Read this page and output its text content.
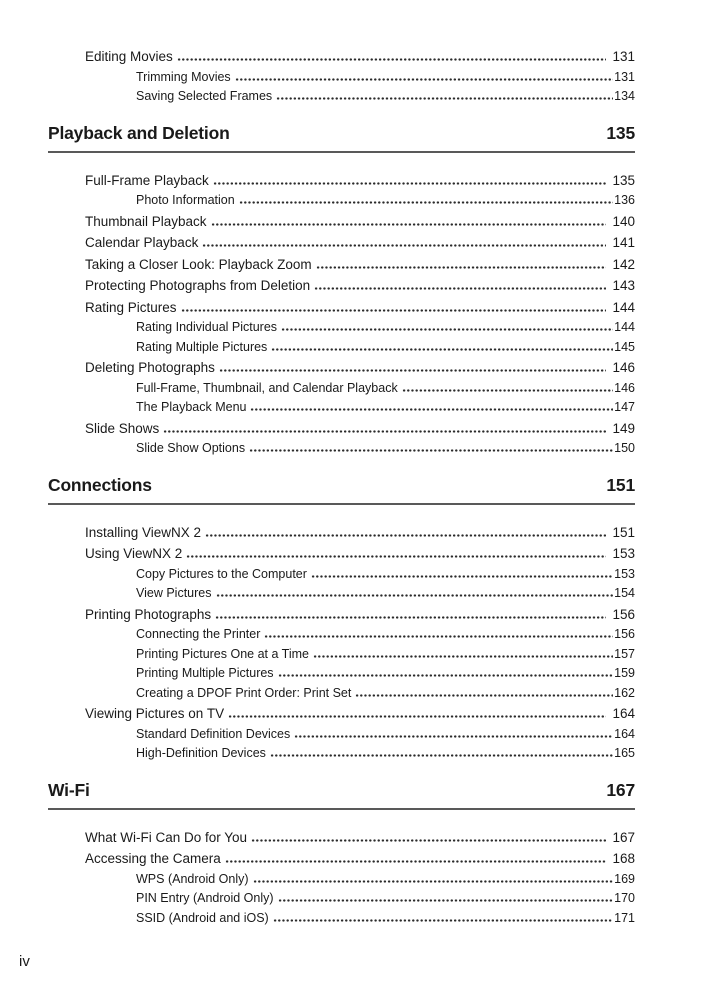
Editing Movies	131
Trimming Movies	131
Saving Selected Frames	134
Playback and Deletion	135
Full-Frame Playback	135
Photo Information	136
Thumbnail Playback	140
Calendar Playback	141
Taking a Closer Look: Playback Zoom	142
Protecting Photographs from Deletion	143
Rating Pictures	144
Rating Individual Pictures	144
Rating Multiple Pictures	145
Deleting Photographs	146
Full-Frame, Thumbnail, and Calendar Playback	146
The Playback Menu	147
Slide Shows	149
Slide Show Options	150
Connections	151
Installing ViewNX 2	151
Using ViewNX 2	153
Copy Pictures to the Computer	153
View Pictures	154
Printing Photographs	156
Connecting the Printer	156
Printing Pictures One at a Time	157
Printing Multiple Pictures	159
Creating a DPOF Print Order: Print Set	162
Viewing Pictures on TV	164
Standard Definition Devices	164
High-Definition Devices	165
Wi-Fi	167
What Wi-Fi Can Do for You	167
Accessing the Camera	168
WPS (Android Only)	169
PIN Entry (Android Only)	170
SSID (Android and iOS)	171
iv
